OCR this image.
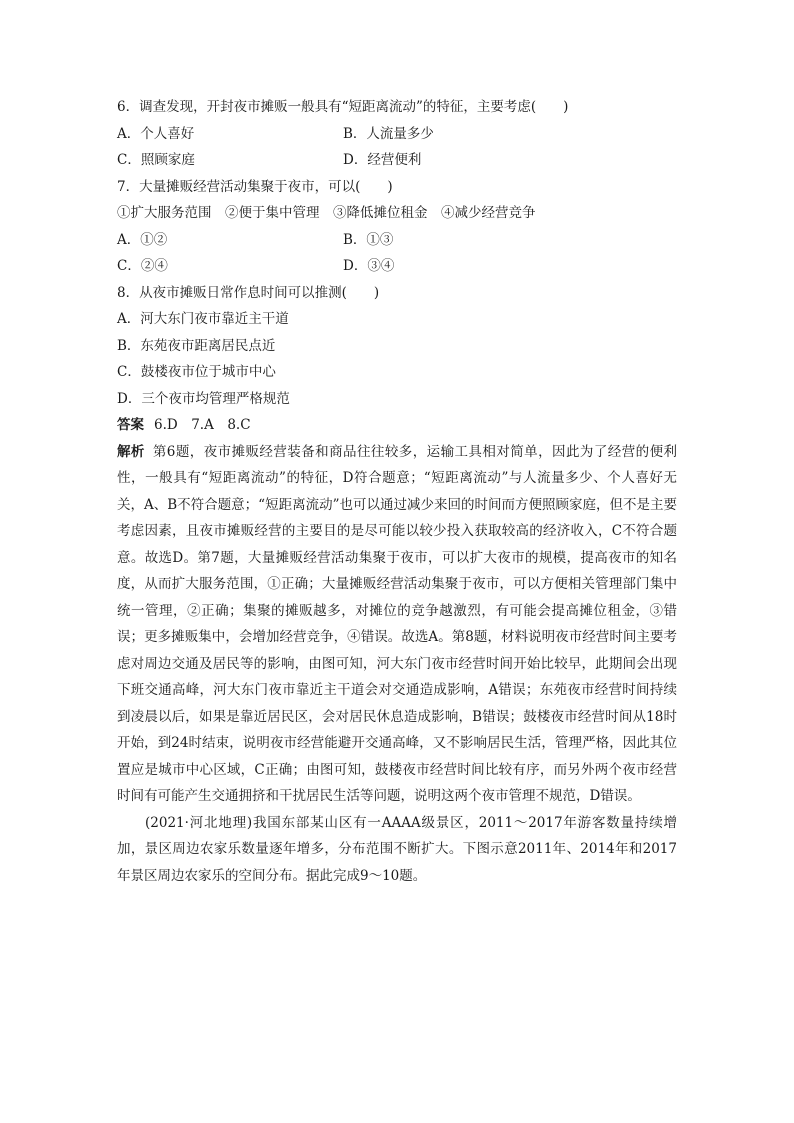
6．调查发现，开封夜市摊贩一般具有“短距离流动”的特征，主要考虑(　　)
A．个人喜好	B．人流量多少
C．照顾家庭	D．经营便利
7．大量摊贩经营活动集聚于夜市，可以(　　)
①扩大服务范围　②便于集中管理　③降低摊位租金　④减少经营竞争
A．①②	B．①③
C．②④	D．③④
8．从夜市摊贩日常作息时间可以推测(　　)
A．河大东门夜市靠近主干道
B．东苑夜市距离居民点近
C．鼓楼夜市位于城市中心
D．三个夜市均管理严格规范
答案 6.D　7.A　8.C

解析 第6题，夜市摊贩经营装备和商品往往较多，运输工具相对简单，因此为了经营的便利性，一般具有“短距离流动”的特征，D符合题意；“短距离流动”与人流量多少、个人喜好无关，A、B不符合题意；“短距离流动”也可以通过减少来回的时间而方便照顾家庭，但不是主要考虑因素，且夜市摊贩经营的主要目的是尽可能以较少投入获取较高的经济收入，C不符合题意。故选D。第7题，大量摊贩经营活动集聚于夜市，可以扩大夜市的规模，提高夜市的知名度，从而扩大服务范围，①正确；大量摊贩经营活动集聚于夜市，可以方便相关管理部门集中统一管理，②正确；集聚的摊贩越多，对摊位的竞争越激烈，有可能会提高摊位租金，③错误；更多摊贩集中，会增加经营竞争，④错误。故选A。第8题，材料说明夜市经营时间主要考虑对周边交通及居民等的影响，由图可知，河大东门夜市经营时间开始比较早，此期间会出现下班交通高峰，河大东门夜市靠近主干道会对交通造成影响，A错误；东苑夜市经营时间持续到凌晨以后，如果是靠近居民区，会对居民休息造成影响，B错误；鼓楼夜市经营时间从18时开始，到24时结束，说明夜市经营能避开交通高峰，又不影响居民生活，管理严格，因此其位置应是城市中心区域，C正确；由图可知，鼓楼夜市经营时间比较有序，而另外两个夜市经营时间有可能产生交通拥挤和干扰居民生活等问题，说明这两个夜市管理不规范，D错误。

(2021·河北地理)我国东部某山区有一AAAA级景区，2011～2017年游客数量持续增加，景区周边农家乐数量逐年增多，分布范围不断扩大。下图示意2011年、2014年和2017年景区周边农家乐的空间分布。据此完成9～10题。
